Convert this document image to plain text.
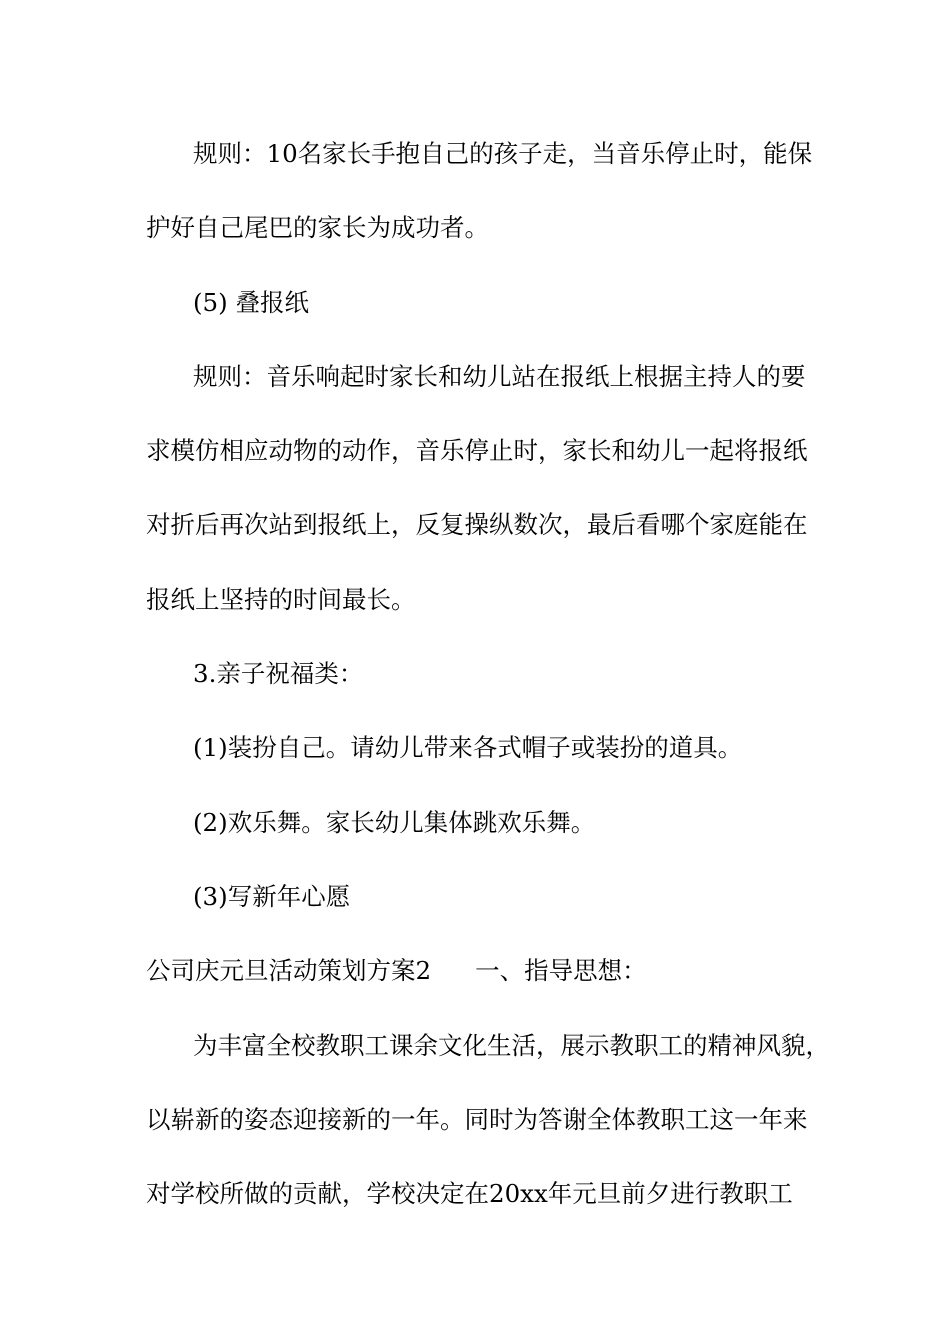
规则：10名家长手抱自己的孩子走，当音乐停止时，能保
护好自己尾巴的家长为成功者。
(5) 叠报纸
规则：音乐响起时家长和幼儿站在报纸上根据主持人的要
求模仿相应动物的动作，音乐停止时，家长和幼儿一起将报纸
对折后再次站到报纸上，反复操纵数次，最后看哪个家庭能在
报纸上坚持的时间最长。
3.亲子祝福类：
(1)装扮自己。请幼儿带来各式帽子或装扮的道具。
(2)欢乐舞。家长幼儿集体跳欢乐舞。
(3)写新年心愿
公司庆元旦活动策划方案2 一、指导思想：
为丰富全校教职工课余文化生活，展示教职工的精神风貌，
以崭新的姿态迎接新的一年。同时为答谢全体教职工这一年来
对学校所做的贡献，学校决定在20xx年元旦前夕进行教职工
